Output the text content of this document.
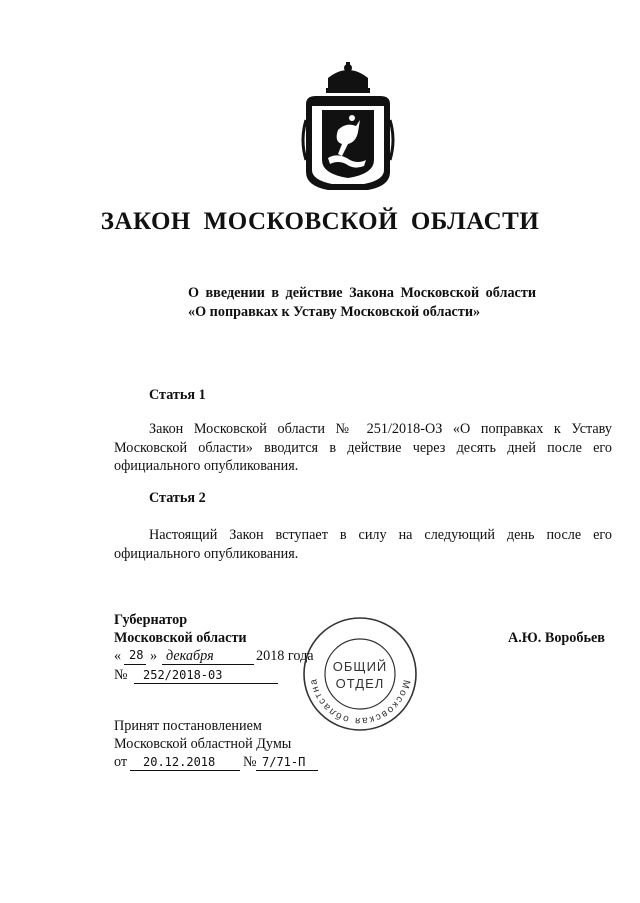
ЗАКОН МОСКОВСКОЙ ОБЛАСТИ
О введении в действие Закона Московской области «О поправках к Уставу Московской области»
Статья 1

Закон Московской области № 251/2018-ОЗ «О поправках к Уставу Московской области» вводится в действие через десять дней после его официального опубликования.

Статья 2

Настоящий Закон вступает в силу на следующий день после его официального опубликования.

Губернатор
Московской области	А.Ю. Воробьев
« 28 » декабря	2018 года
№ 252/2018-03
Принят постановлением
Московской областной Думы
от 20.12.2018 № 7/71-П
Московская областна
ОБЩИЙ
ОТДЕЛ
